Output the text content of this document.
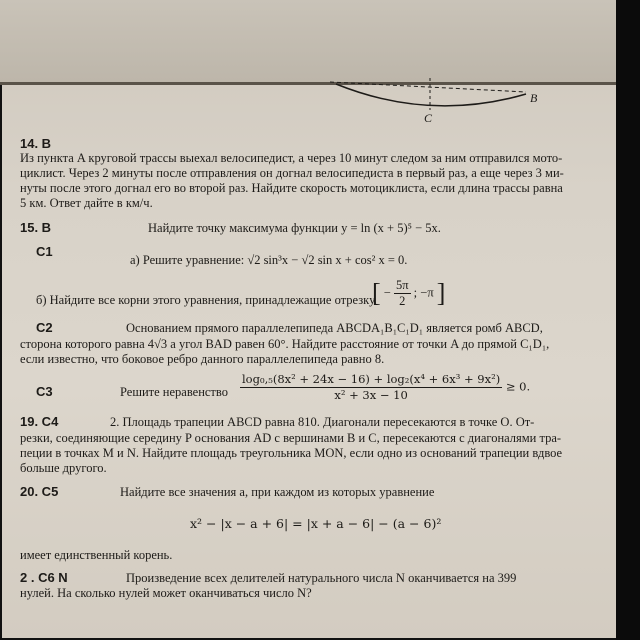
C
B
14. B
Из пункта A круговой трассы выехал велосипедист, а через 10 минут следом за ним отправился мото-
циклист. Через 2 минуты после отправления он догнал велосипедиста в первый раз, а еще через 3 ми-
нуты после этого догнал его во второй раз. Найдите скорость мотоциклиста, если длина трассы равна
5 км. Ответ дайте в км/ч.
15. B	Найдите точку максимума функции y = ln (x + 5)⁵ − 5x.
C1
а) Решите уравнение: √2 sin³x − √2 sin x + cos² x = 0.
б) Найдите все корни этого уравнения, принадлежащие отрезку
[ − $\frac{5\pi}{2}$ ; −π ]
C2	Основанием прямого параллелепипеда ABCDA₁B₁C₁D₁ является ромб ABCD,
сторона которого равна 4√3 а угол BAD равен 60°. Найдите расстояние от точки A до прямой C₁D₁,
если известно, что боковое ребро данного параллелепипеда равно 8.
C3	Решите неравенство $\frac{\text{log₀,₅(8x² + 24x − 16) + log₂(x⁴ + 6x³ + 9x²)}}{\text{x² + 3x − 10}} \ge 0$.
19. C4	2. Площадь трапеции ABCD равна 810. Диагонали пересекаются в точке O. От-
резки, соединяющие середину P основания AD с вершинами B и C, пересекаются с диагоналями тра-
пеции в точках M и N. Найдите площадь треугольника MON, если одно из оснований трапеции вдвое
больше другого.
20. C5	Найдите все значения a, при каждом из которых уравнение
x² − |x − a + 6| = |x + a − 6| − (a − 6)²
имеет единственный корень.
2 . C6 N	Произведение всех делителей натурального числа N оканчивается на 399
нулей. На сколько нулей может оканчиваться число N?
